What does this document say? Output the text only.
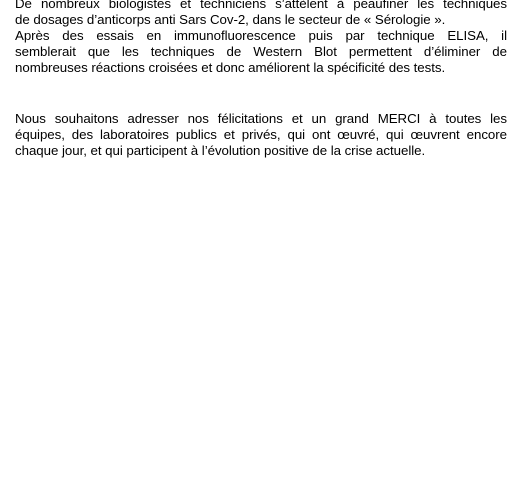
De nombreux biologistes et techniciens s’attèlent à peaufiner les techniques
de dosages d’anticorps anti Sars Cov-2, dans le secteur de « Sérologie ».
Après des essais en immunofluorescence puis par technique ELISA, il
semblerait que les techniques de Western Blot permettent d’éliminer de
nombreuses réactions croisées et donc améliorent la spécificité des tests.
Nous souhaitons adresser nos félicitations et un grand MERCI à toutes les
équipes, des laboratoires publics et privés, qui ont œuvré, qui œuvrent encore
chaque jour, et qui participent à l’évolution positive de la crise actuelle.
